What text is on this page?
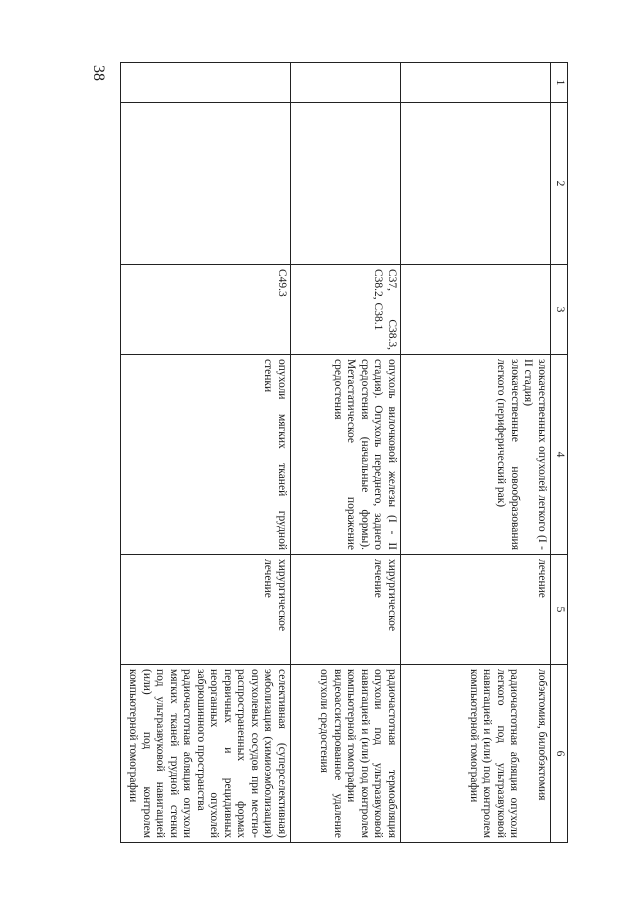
38
1	2	3	4	5	6

			злокачественных опухолей легкого (I - II стадия)
злокачественные новообразования легкого (периферический рак)	лечение	лобэктомия, билобэктомия
радиочастотная абляция опухоли легкого под ультразвуковой навигацией и (или) под контролем компьютерной томографии

		C37, C38.3, C38.2, C38.1	опухоль вилочковой железы (I - II стадия). Опухоль переднего, заднего средостения (начальные формы). Метастатическое поражение средостения	хирургическое лечение	радиочастотная термоабляция опухоли под ультразвуковой навигацией и (или) под контролем компьютерной томографии
видеоассистированное удаление опухоли средостения

		C49.3	опухоли мягких тканей грудной стенки	хирургическое лечение	селективная (суперселективная) эмболизация (химиоэмболизация) опухолевых сосудов при местно-распространенных формах первичных и рецидивных неорганных опухолей забрюшинного пространства
радиочастотная абляция опухоли мягких тканей грудной стенки под ультразвуковой навигацией (или) под контролем компьютерной томографии
